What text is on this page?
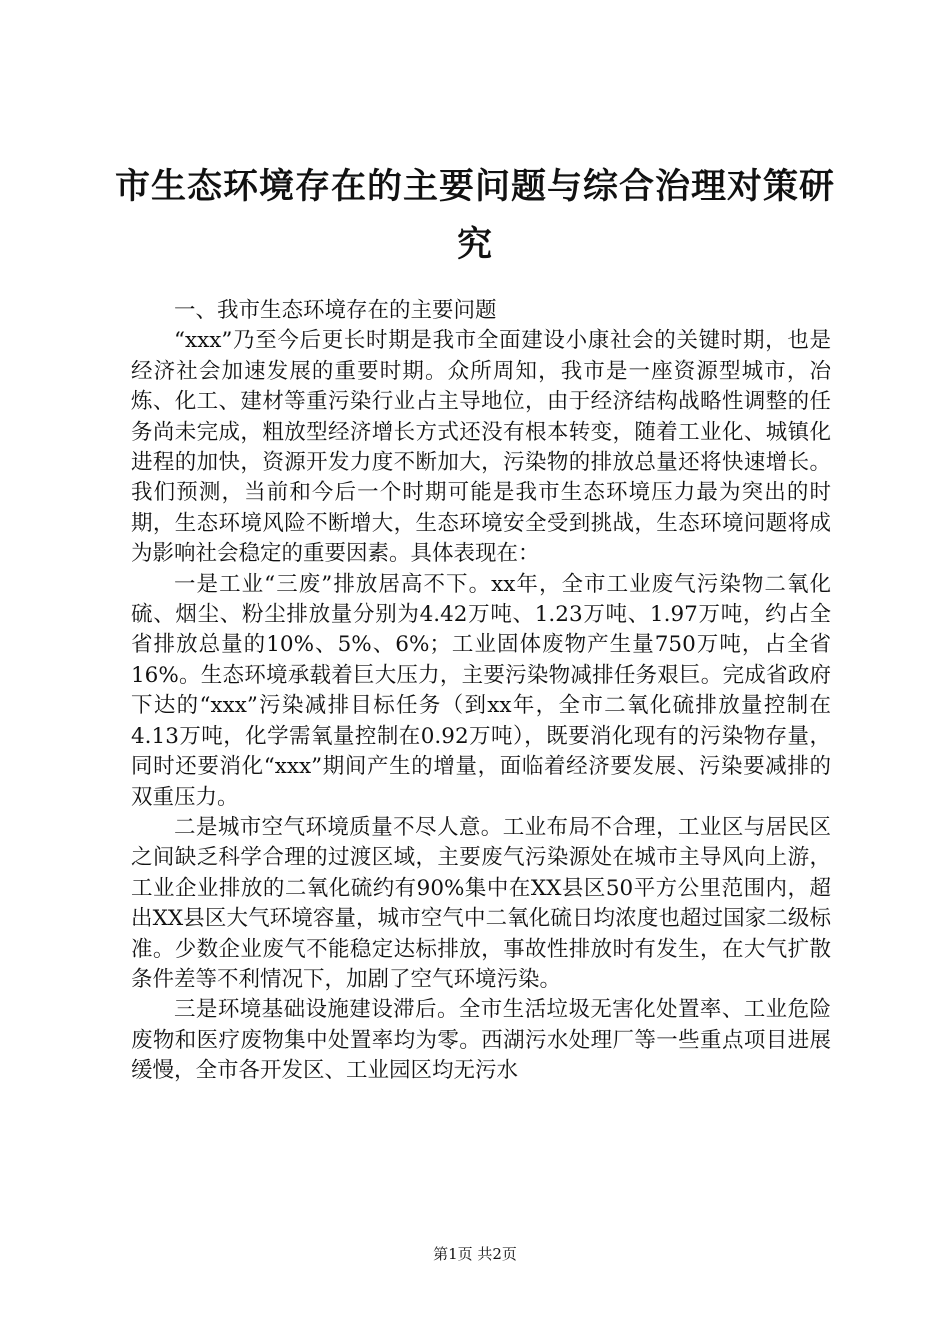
市生态环境存在的主要问题与综合治理对策研究

一、我市生态环境存在的主要问题

“xxx”乃至今后更长时期是我市全面建设小康社会的关键时期，也是经济社会加速发展的重要时期。众所周知，我市是一座资源型城市，冶炼、化工、建材等重污染行业占主导地位，由于经济结构战略性调整的任务尚未完成，粗放型经济增长方式还没有根本转变，随着工业化、城镇化进程的加快，资源开发力度不断加大，污染物的排放总量还将快速增长。我们预测，当前和今后一个时期可能是我市生态环境压力最为突出的时期，生态环境风险不断增大，生态环境安全受到挑战，生态环境问题将成为影响社会稳定的重要因素。具体表现在：

一是工业“三废”排放居高不下。xx年，全市工业废气污染物二氧化硫、烟尘、粉尘排放量分别为4.42万吨、1.23万吨、1.97万吨，约占全省排放总量的10%、5%、6%；工业固体废物产生量750万吨，占全省16%。生态环境承载着巨大压力，主要污染物减排任务艰巨。完成省政府下达的“xxx”污染减排目标任务（到xx年，全市二氧化硫排放量控制在4.13万吨，化学需氧量控制在0.92万吨），既要消化现有的污染物存量，同时还要消化“xxx”期间产生的增量，面临着经济要发展、污染要减排的双重压力。

二是城市空气环境质量不尽人意。工业布局不合理，工业区与居民区之间缺乏科学合理的过渡区域，主要废气污染源处在城市主导风向上游，工业企业排放的二氧化硫约有90%集中在XX县区50平方公里范围内，超出XX县区大气环境容量，城市空气中二氧化硫日均浓度也超过国家二级标准。少数企业废气不能稳定达标排放，事故性排放时有发生，在大气扩散条件差等不利情况下，加剧了空气环境污染。

三是环境基础设施建设滞后。全市生活垃圾无害化处置率、工业危险废物和医疗废物集中处置率均为零。西湖污水处理厂等一些重点项目进展缓慢，全市各开发区、工业园区均无污水

第1页 共2页
